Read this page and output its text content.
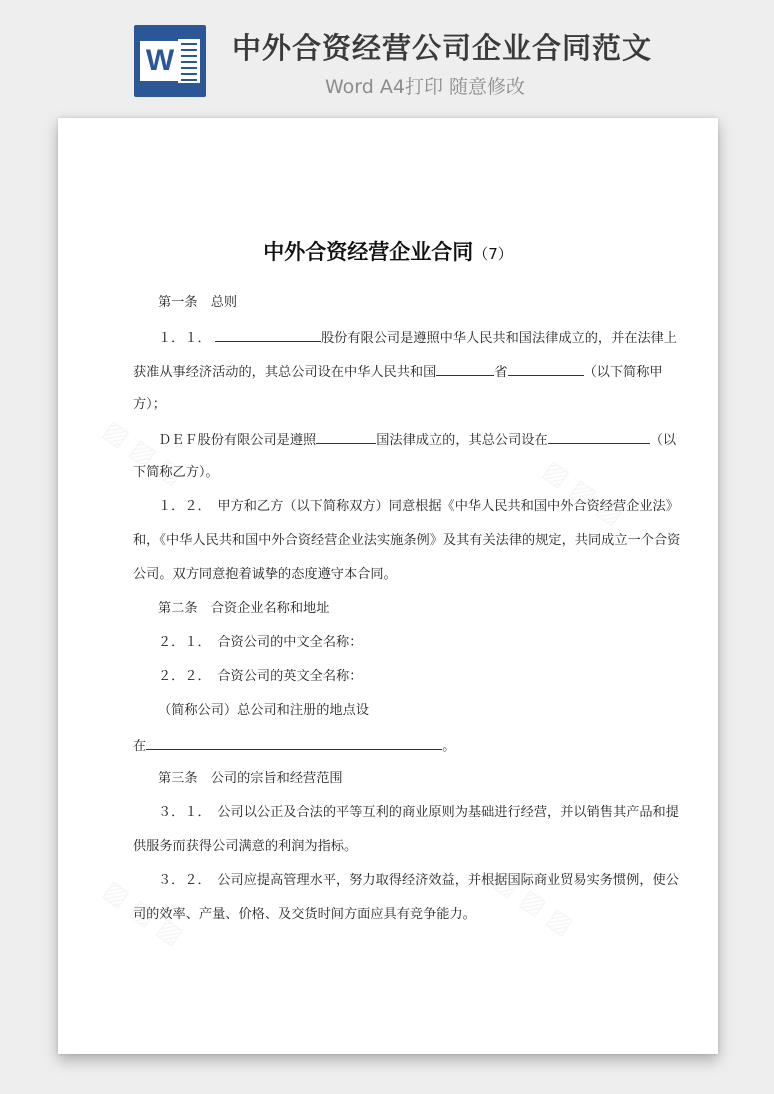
W 中外合资经营公司企业合同范文
Word A4打印 随意修改
中外合资经营企业合同（7）
第一条　总则
１．１．	股份有限公司是遵照中华人民共和国法律成立的，并在法律上
获准从事经济活动的，其总公司设在中华人民共和国	省	（以下简称甲
方）；
ＤＥＦ股份有限公司是遵照	国法律成立的，其总公司设在	（以
下简称乙方）。
１．２．　甲方和乙方（以下简称双方）同意根据《中华人民共和国中外合资经营企业法》
和，《中华人民共和国中外合资经营企业法实施条例》及其有关法律的规定，共同成立一个合资
公司。双方同意抱着诚挚的态度遵守本合同。
第二条　合资企业名称和地址
２．１．　合资公司的中文全名称：
２．２．　合资公司的英文全名称：
（简称公司）总公司和注册的地点设
在	。
第三条　公司的宗旨和经营范围
３．１．　公司以公正及合法的平等互利的商业原则为基础进行经营，并以销售其产品和提
供服务而获得公司满意的利润为指标。
３．２．　公司应提高管理水平，努力取得经济效益，并根据国际商业贸易实务惯例，使公
司的效率、产量、价格、及交货时间方面应具有竞争能力。
